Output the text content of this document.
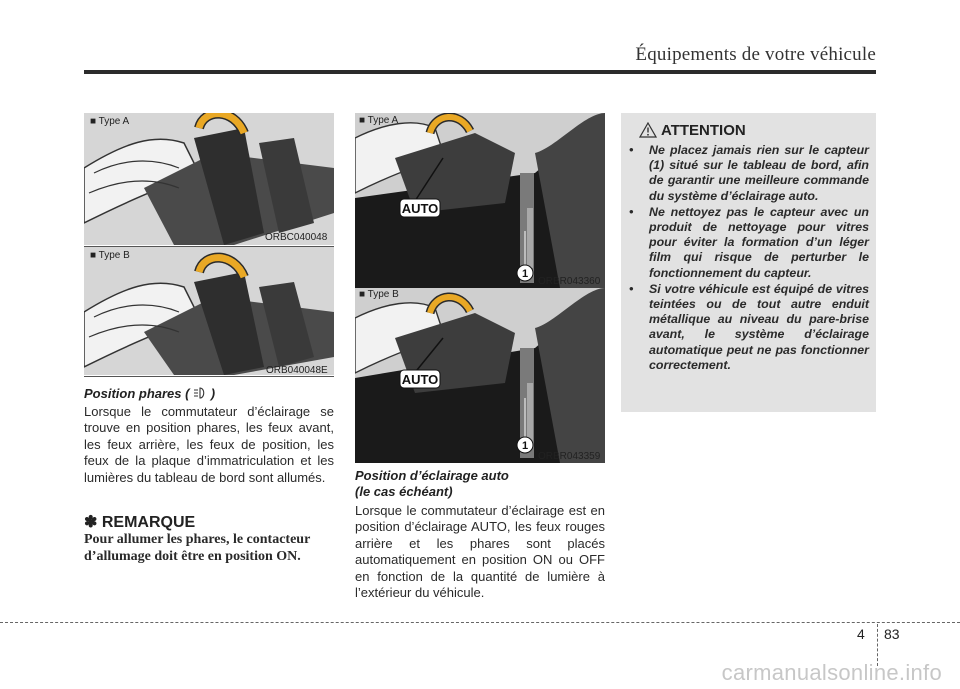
Équipements de votre véhicule
■ Type A
ORBC040048
■ Type B
ORB040048E
Position phares ( )
Lorsque le commutateur d’éclairage se trouve en position phares, les feux avant, les feux arrière, les feux de position, les feux de la plaque d’immatriculation et les lumières du tableau de bord sont allumés.
✽ REMARQUE
Pour allumer les phares, le contacteur d’allumage doit être en position ON.
AUTO
1
■ Type A
ORBR043360
AUTO
1
■ Type B
ORBR043359
Position d’éclairage auto
(le cas échéant)
Lorsque le commutateur d’éclairage est en position d’éclairage AUTO, les feux rouges arrière et les phares sont placés automatiquement en position ON ou OFF en fonction de la quantité de lumière à l’extérieur du véhicule.
ATTENTION
• Ne placez jamais rien sur le capteur (1) situé sur le tableau de bord, afin de garantir une meilleure commande du système d’éclairage auto.
• Ne nettoyez pas le capteur avec un produit de nettoyage pour vitres pour éviter la formation d’un léger film qui risque de perturber le fonctionnement du capteur.
• Si votre véhicule est équipé de vitres teintées ou de tout autre enduit métallique au niveau du pare-brise avant, le système d’éclairage automatique peut ne pas fonctionner correctement.
4 83
carmanualsonline.info
